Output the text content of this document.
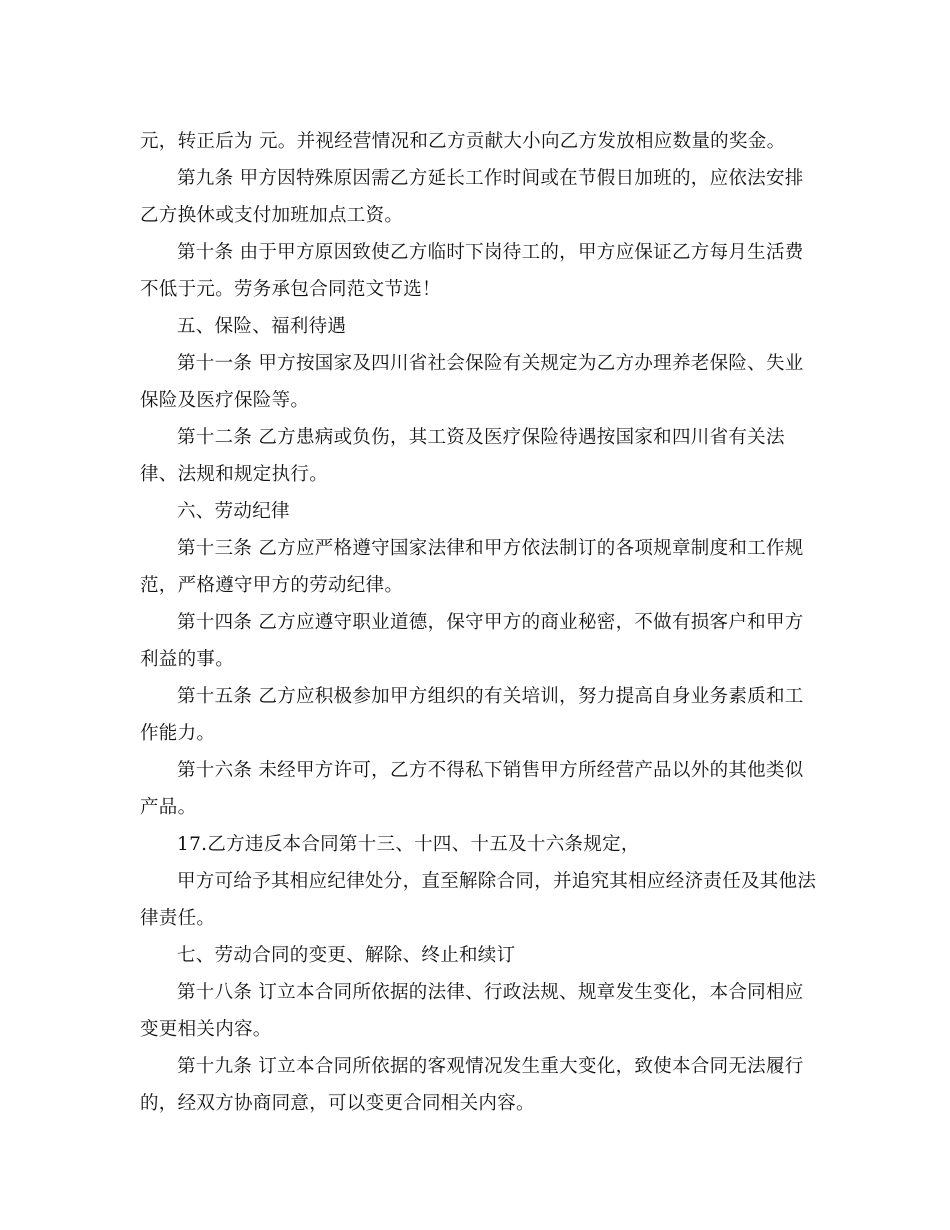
元，转正后为 元。并视经营情况和乙方贡献大小向乙方发放相应数量的奖金。
第九条 甲方因特殊原因需乙方延长工作时间或在节假日加班的，应依法安排
乙方换休或支付加班加点工资。
第十条 由于甲方原因致使乙方临时下岗待工的，甲方应保证乙方每月生活费
不低于元。劳务承包合同范文节选！
五、保险、福利待遇
第十一条 甲方按国家及四川省社会保险有关规定为乙方办理养老保险、失业
保险及医疗保险等。
第十二条 乙方患病或负伤，其工资及医疗保险待遇按国家和四川省有关法
律、法规和规定执行。
六、劳动纪律
第十三条 乙方应严格遵守国家法律和甲方依法制订的各项规章制度和工作规
范，严格遵守甲方的劳动纪律。
第十四条 乙方应遵守职业道德，保守甲方的商业秘密，不做有损客户和甲方
利益的事。
第十五条 乙方应积极参加甲方组织的有关培训，努力提高自身业务素质和工
作能力。
第十六条 未经甲方许可，乙方不得私下销售甲方所经营产品以外的其他类似
产品。
17.乙方违反本合同第十三、十四、十五及十六条规定，
甲方可给予其相应纪律处分，直至解除合同，并追究其相应经济责任及其他法
律责任。
七、劳动合同的变更、解除、终止和续订
第十八条 订立本合同所依据的法律、行政法规、规章发生变化，本合同相应
变更相关内容。
第十九条 订立本合同所依据的客观情况发生重大变化，致使本合同无法履行
的，经双方协商同意，可以变更合同相关内容。
